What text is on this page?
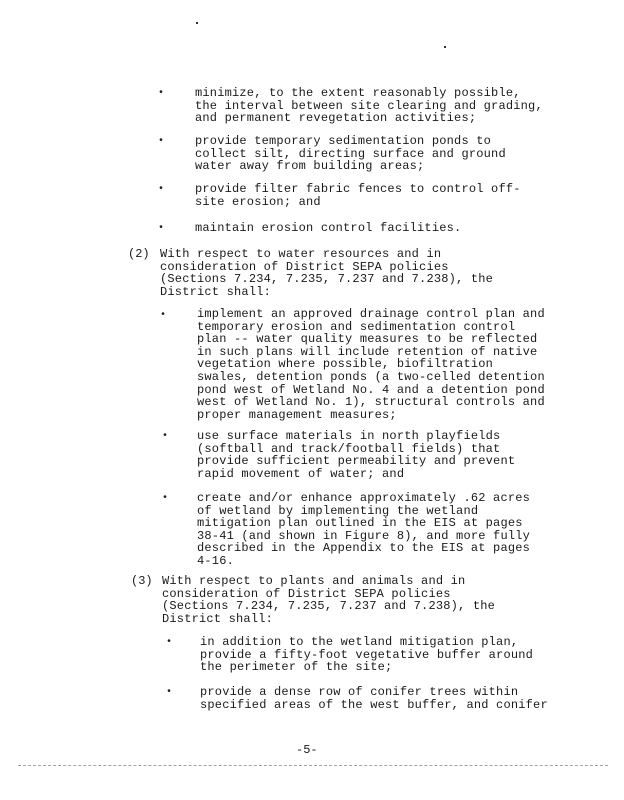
•	minimize, to the extent reasonably possible,
the interval between site clearing and grading,
and permanent revegetation activities;
•	provide temporary sedimentation ponds to
collect silt, directing surface and ground
water away from building areas;
•	provide filter fabric fences to control off-
site erosion; and
•	maintain erosion control facilities.
(2) With respect to water resources and in
consideration of District SEPA policies
(Sections 7.234, 7.235, 7.237 and 7.238), the
District shall:
•	implement an approved drainage control plan and
temporary erosion and sedimentation control
plan -- water quality measures to be reflected
in such plans will include retention of native
vegetation where possible, biofiltration
swales, detention ponds (a two-celled detention
pond west of Wetland No. 4 and a detention pond
west of Wetland No. 1), structural controls and
proper management measures;
• use surface materials in north playfields
(softball and track/football fields) that
provide sufficient permeability and prevent
rapid movement of water; and
• create and/or enhance approximately .62 acres
of wetland by implementing the wetland
mitigation plan outlined in the EIS at pages
38-41 (and shown in Figure 8), and more fully
described in the Appendix to the EIS at pages
4-16.
(3) With respect to plants and animals and in
consideration of District SEPA policies
(Sections 7.234, 7.235, 7.237 and 7.238), the
District shall:
• in addition to the wetland mitigation plan,
provide a fifty-foot vegetative buffer around
the perimeter of the site;
• provide a dense row of conifer trees within
specified areas of the west buffer, and conifer
-5-
